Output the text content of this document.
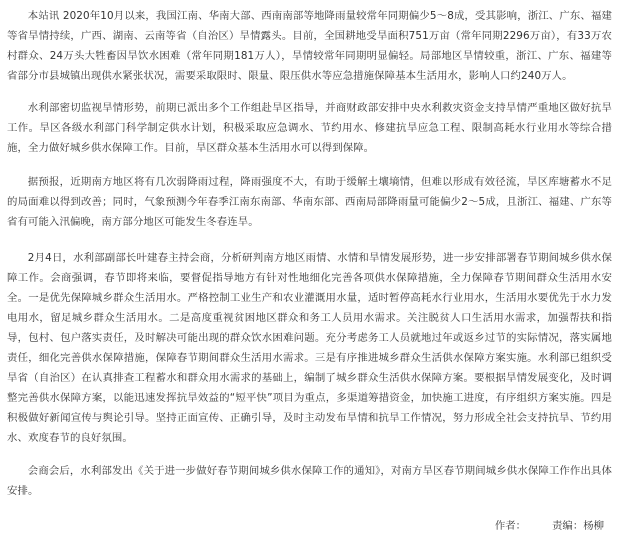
本站讯 2020年10月以来，我国江南、华南大部、西南南部等地降雨量较常年同期偏少5～8成，受其影响，浙江、广东、福建等省旱情持续，广西、湖南、云南等省（自治区）旱情露头。目前，全国耕地受旱面积751万亩（常年同期2296万亩），有33万农村群众、24万头大牲畜因旱饮水困难（常年同期181万人），旱情较常年同期明显偏轻。局部地区旱情较重，浙江、广东、福建等省部分市县城镇出现供水紧张状况，需要采取限时、限量、限压供水等应急措施保障基本生活用水，影响人口约240万人。

水利部密切监视旱情形势，前期已派出多个工作组赴旱区指导，并商财政部安排中央水利救灾资金支持旱情严重地区做好抗旱工作。旱区各级水利部门科学制定供水计划，积极采取应急调水、节约用水、修建抗旱应急工程、限制高耗水行业用水等综合措施，全力做好城乡供水保障工作。目前，旱区群众基本生活用水可以得到保障。

据预报，近期南方地区将有几次弱降雨过程，降雨强度不大，有助于缓解土壤墒情，但难以形成有效径流，旱区库塘蓄水不足的局面难以得到改善；同时，气象预测今年春季江南东南部、华南东部、西南局部降雨量可能偏少2～5成，且浙江、福建、广东等省有可能入汛偏晚，南方部分地区可能发生冬春连旱。

2月4日，水利部副部长叶建春主持会商，分析研判南方地区雨情、水情和旱情发展形势，进一步安排部署春节期间城乡供水保障工作。会商强调，春节即将来临，要督促指导地方有针对性地细化完善各项供水保障措施，全力保障春节期间群众生活用水安全。一是优先保障城乡群众生活用水。严格控制工业生产和农业灌溉用水量，适时暂停高耗水行业用水，生活用水要优先于水力发电用水，留足城乡群众生活用水。二是高度重视贫困地区群众和务工人员用水需求。关注脱贫人口生活用水需求，加强帮扶和指导，包村、包户落实责任，及时解决可能出现的群众饮水困难问题。充分考虑务工人员就地过年或返乡过节的实际情况，落实属地责任，细化完善供水保障措施，保障春节期间群众生活用水需求。三是有序推进城乡群众生活供水保障方案实施。水利部已组织受旱省（自治区）在认真排查工程蓄水和群众用水需求的基础上，编制了城乡群众生活供水保障方案。要根据旱情发展变化，及时调整完善供水保障方案，以能迅速发挥抗旱效益的“短平快”项目为重点，多渠道筹措资金，加快施工进度，有序组织方案实施。四是积极做好新闻宣传与舆论引导。坚持正面宣传、正确引导，及时主动发布旱情和抗旱工作情况，努力形成全社会支持抗旱、节约用水、欢度春节的良好氛围。

会商会后，水利部发出《关于进一步做好春节期间城乡供水保障工作的通知》，对南方旱区春节期间城乡供水保障工作作出具体安排。

作者：	责编：杨柳
